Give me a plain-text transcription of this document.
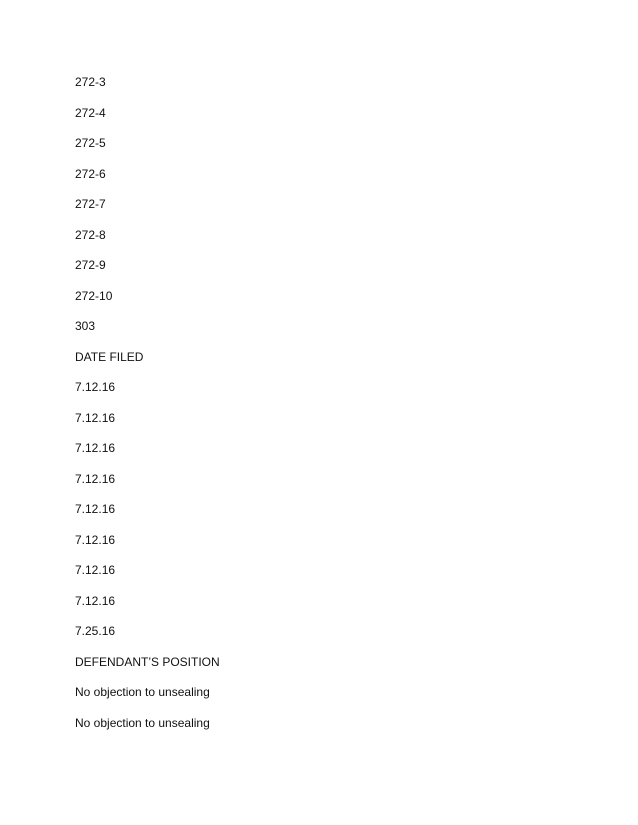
272-3
272-4
272-5
272-6
272-7
272-8
272-9
272-10
303
DATE FILED
7.12.16
7.12.16
7.12.16
7.12.16
7.12.16
7.12.16
7.12.16
7.12.16
7.25.16
DEFENDANT’S POSITION
No objection to unsealing
No objection to unsealing
